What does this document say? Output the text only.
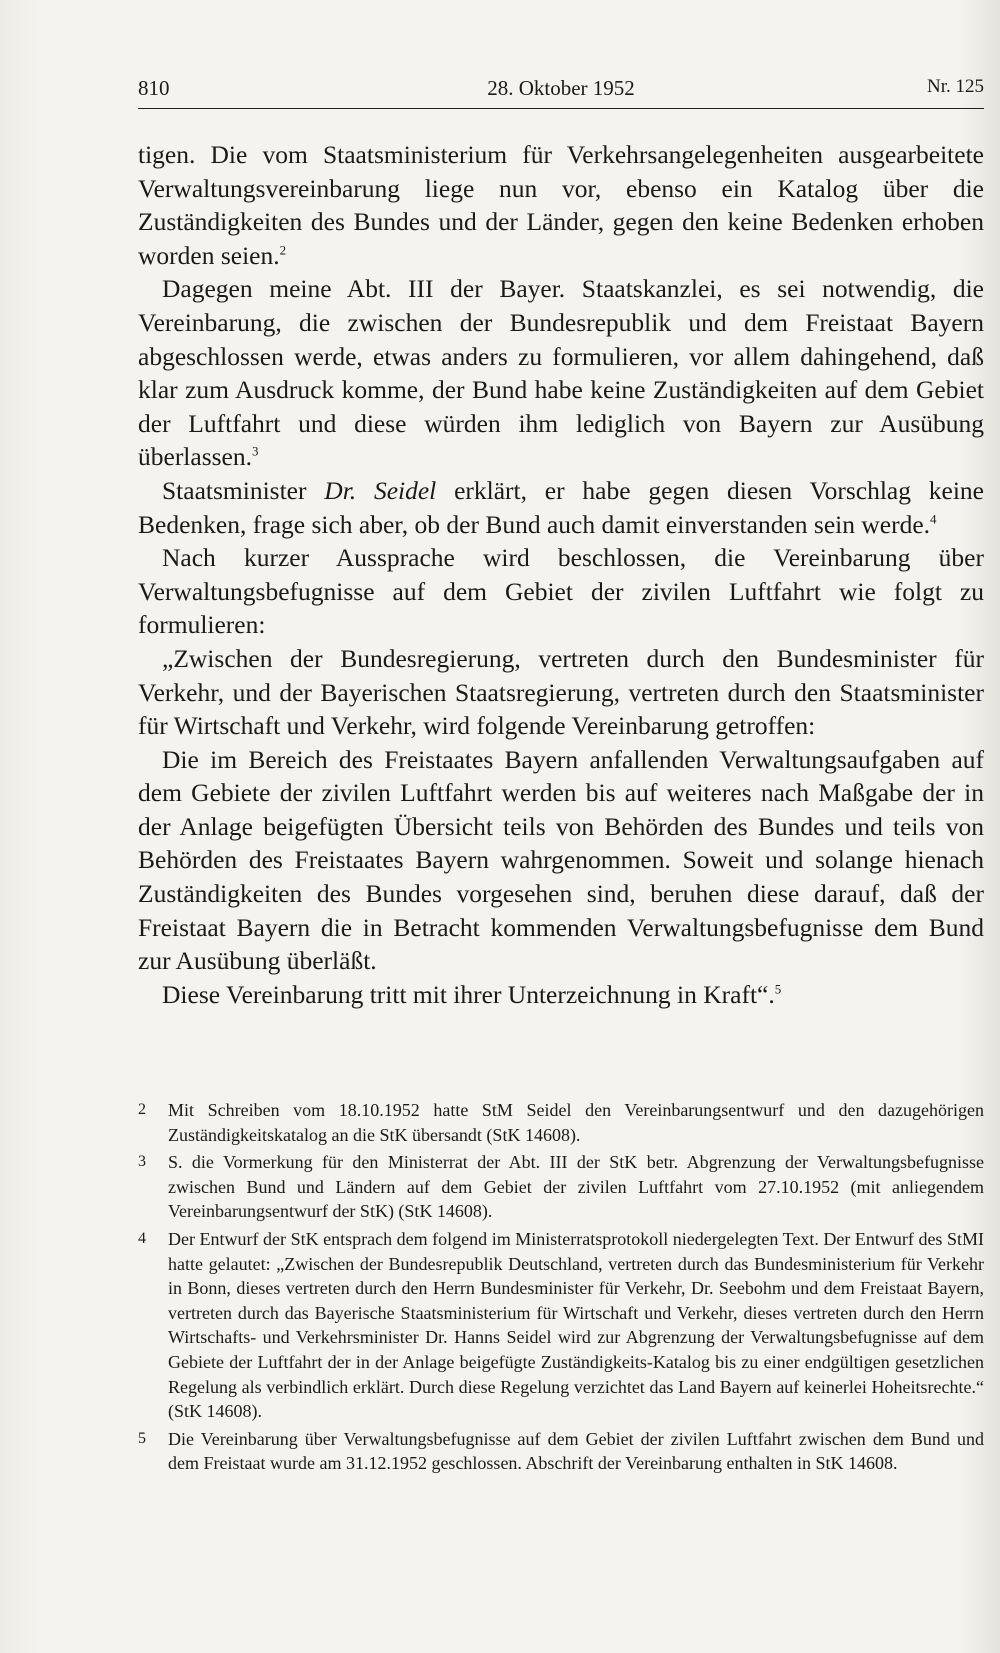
810	28. Oktober 1952	Nr. 125

tigen. Die vom Staatsministerium für Verkehrsangelegenheiten ausgearbeitete Verwaltungsvereinbarung liege nun vor, ebenso ein Katalog über die Zuständigkeiten des Bundes und der Länder, gegen den keine Bedenken erhoben worden seien.$^2$

Dagegen meine Abt. III der Bayer. Staatskanzlei, es sei notwendig, die Vereinbarung, die zwischen der Bundesrepublik und dem Freistaat Bayern abgeschlossen werde, etwas anders zu formulieren, vor allem dahingehend, daß klar zum Ausdruck komme, der Bund habe keine Zuständigkeiten auf dem Gebiet der Luftfahrt und diese würden ihm lediglich von Bayern zur Ausübung überlassen.$^3$

Staatsminister Dr. Seidel erklärt, er habe gegen diesen Vorschlag keine Bedenken, frage sich aber, ob der Bund auch damit einverstanden sein werde.$^4$

Nach kurzer Aussprache wird beschlossen, die Vereinbarung über Verwaltungsbefugnisse auf dem Gebiet der zivilen Luftfahrt wie folgt zu formulieren:

„Zwischen der Bundesregierung, vertreten durch den Bundesminister für Verkehr, und der Bayerischen Staatsregierung, vertreten durch den Staatsminister für Wirtschaft und Verkehr, wird folgende Vereinbarung getroffen:

Die im Bereich des Freistaates Bayern anfallenden Verwaltungsaufgaben auf dem Gebiete der zivilen Luftfahrt werden bis auf weiteres nach Maßgabe der in der Anlage beigefügten Übersicht teils von Behörden des Bundes und teils von Behörden des Freistaates Bayern wahrgenommen. Soweit und solange hienach Zuständigkeiten des Bundes vorgesehen sind, beruhen diese darauf, daß der Freistaat Bayern die in Betracht kommenden Verwaltungsbefugnisse dem Bund zur Ausübung überläßt.

Diese Vereinbarung tritt mit ihrer Unterzeichnung in Kraft“.$^5$

2 Mit Schreiben vom 18.10.1952 hatte StM Seidel den Vereinbarungsentwurf und den dazugehörigen Zuständigkeitskatalog an die StK übersandt (StK 14608).
3 S. die Vormerkung für den Ministerrat der Abt. III der StK betr. Abgrenzung der Verwaltungsbefugnisse zwischen Bund und Ländern auf dem Gebiet der zivilen Luftfahrt vom 27.10.1952 (mit anliegendem Vereinbarungsentwurf der StK) (StK 14608).
4 Der Entwurf der StK entsprach dem folgend im Ministerratsprotokoll niedergelegten Text. Der Entwurf des StMI hatte gelautet: „Zwischen der Bundesrepublik Deutschland, vertreten durch das Bundesministerium für Verkehr in Bonn, dieses vertreten durch den Herrn Bundesminister für Verkehr, Dr. Seebohm und dem Freistaat Bayern, vertreten durch das Bayerische Staatsministerium für Wirtschaft und Verkehr, dieses vertreten durch den Herrn Wirtschafts- und Verkehrsminister Dr. Hanns Seidel wird zur Abgrenzung der Verwaltungsbefugnisse auf dem Gebiete der Luftfahrt der in der Anlage beigefügte Zuständigkeits-Katalog bis zu einer endgültigen gesetzlichen Regelung als verbindlich erklärt. Durch diese Regelung verzichtet das Land Bayern auf keinerlei Hoheitsrechte.“ (StK 14608).
5 Die Vereinbarung über Verwaltungsbefugnisse auf dem Gebiet der zivilen Luftfahrt zwischen dem Bund und dem Freistaat wurde am 31.12.1952 geschlossen. Abschrift der Vereinbarung enthalten in StK 14608.
